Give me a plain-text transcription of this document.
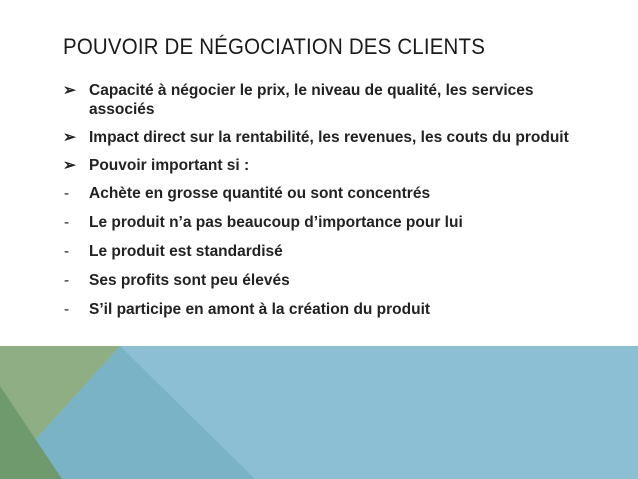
POUVOIR DE NÉGOCIATION DES CLIENTS
➢ Capacité à négocier le prix, le niveau de qualité, les services associés
➢ Impact direct sur la rentabilité, les revenues, les couts du produit
➢ Pouvoir important si :
-	Achète en grosse quantité ou sont concentrés
-	Le produit n’a pas beaucoup d’importance pour lui
-	Le produit est standardisé
-	Ses profits sont peu élevés
-	S’il participe en amont à la création du produit
